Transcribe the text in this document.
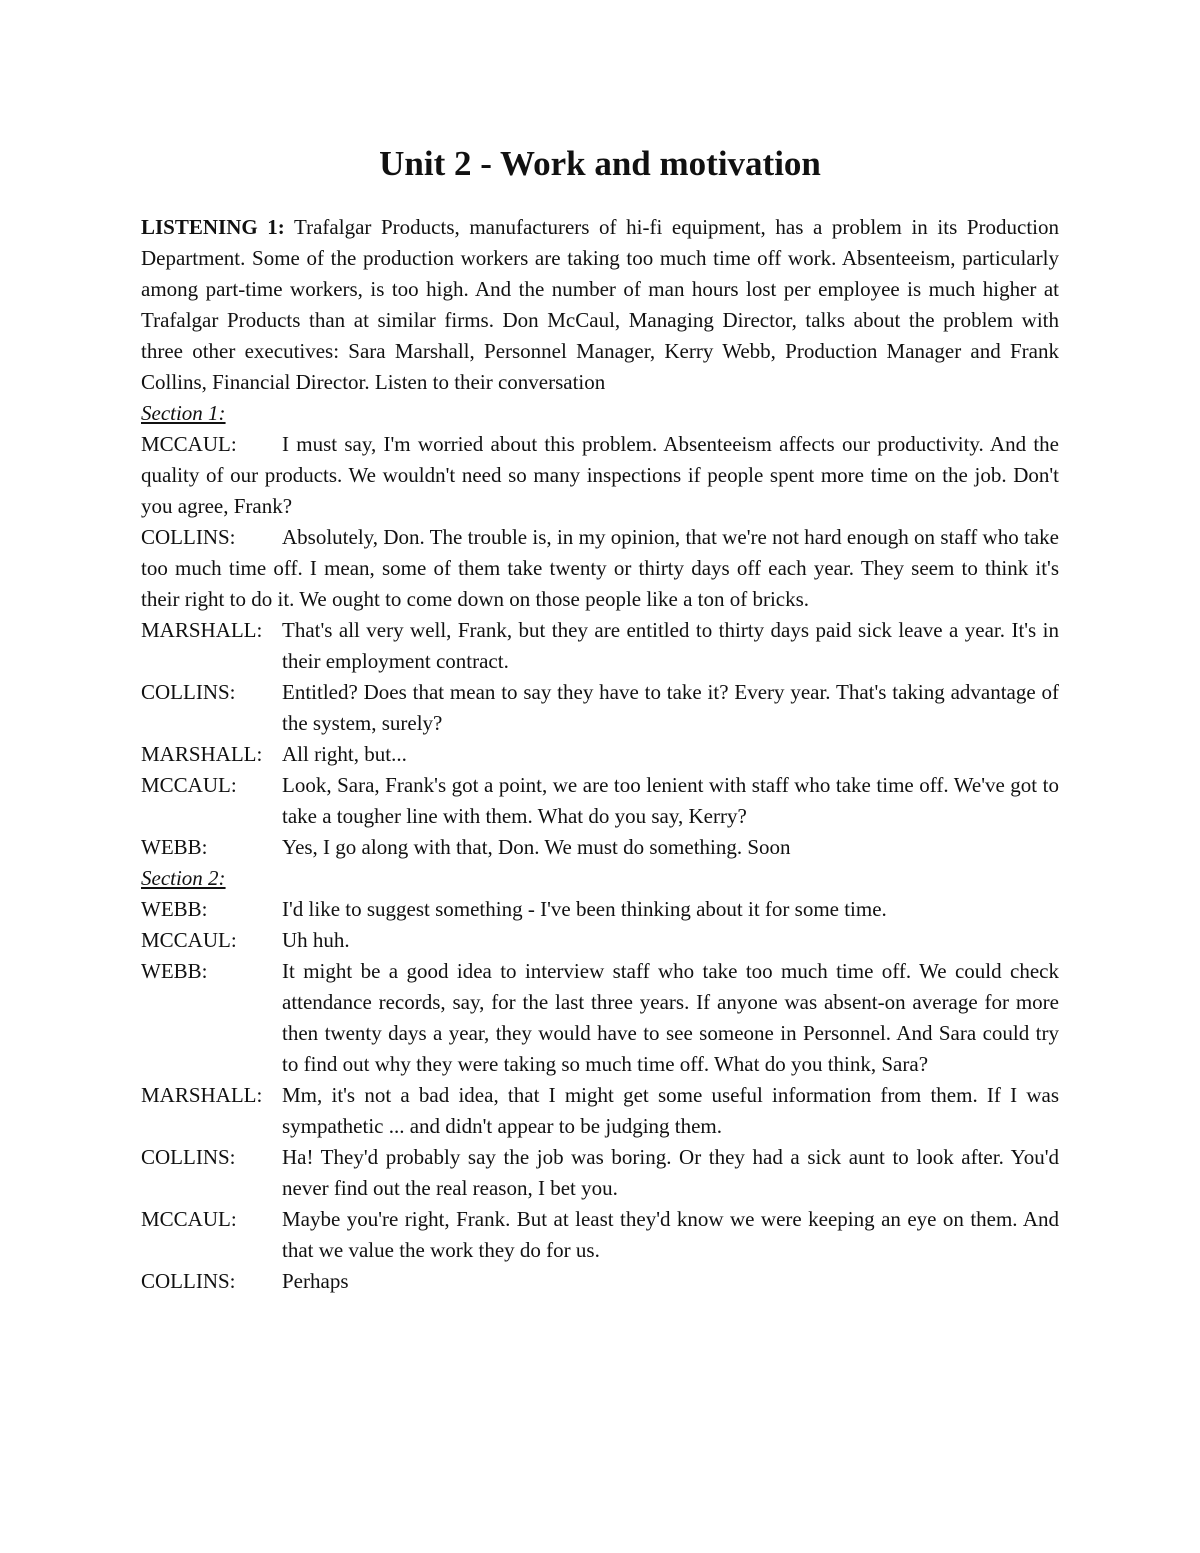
Unit 2 - Work and motivation

LISTENING 1: Trafalgar Products, manufacturers of hi-fi equipment, has a problem in its Production Department. Some of the production workers are taking too much time off work. Absenteeism, particularly among part-time workers, is too high. And the number of man hours lost per employee is much higher at Trafalgar Products than at similar firms. Don McCaul, Managing Director, talks about the problem with three other executives: Sara Marshall, Personnel Manager, Kerry Webb, Production Manager and Frank Collins, Financial Director. Listen to their conversation

Section 1:

MCCAUL: I must say, I'm worried about this problem. Absenteeism affects our productivity. And the quality of our products. We wouldn't need so many inspections if people spent more time on the job. Don't you agree, Frank?

COLLINS: Absolutely, Don. The trouble is, in my opinion, that we're not hard enough on staff who take too much time off. I mean, some of them take twenty or thirty days off each year. They seem to think it's their right to do it. We ought to come down on those people like a ton of bricks.

MARSHALL: That's all very well, Frank, but they are entitled to thirty days paid sick leave a year. It's in their employment contract.
COLLINS:	Entitled? Does that mean to say they have to take it? Every year. That's taking advantage of the system, surely?
MARSHALL: All right, but...
MCCAUL:	Look, Sara, Frank's got a point, we are too lenient with staff who take time off. We've got to take a tougher line with them. What do you say, Kerry?
WEBB:	Yes, I go along with that, Don. We must do something. Soon

Section 2:

WEBB:	I'd like to suggest something - I've been thinking about it for some time.
MCCAUL:	Uh huh.
WEBB:	It might be a good idea to interview staff who take too much time off. We could check attendance records, say, for the last three years. If anyone was absent-on average for more then twenty days a year, they would have to see someone in Personnel. And Sara could try to find out why they were taking so much time off. What do you think, Sara?
MARSHALL: Mm, it's not a bad idea, that I might get some useful information from them. If I was sympathetic ... and didn't appear to be judging them.
COLLINS:	Ha! They'd probably say the job was boring. Or they had a sick aunt to look after. You'd never find out the real reason, I bet you.
MCCAUL:	Maybe you're right, Frank. But at least they'd know we were keeping an eye on them. And that we value the work they do for us.
COLLINS:	Perhaps
